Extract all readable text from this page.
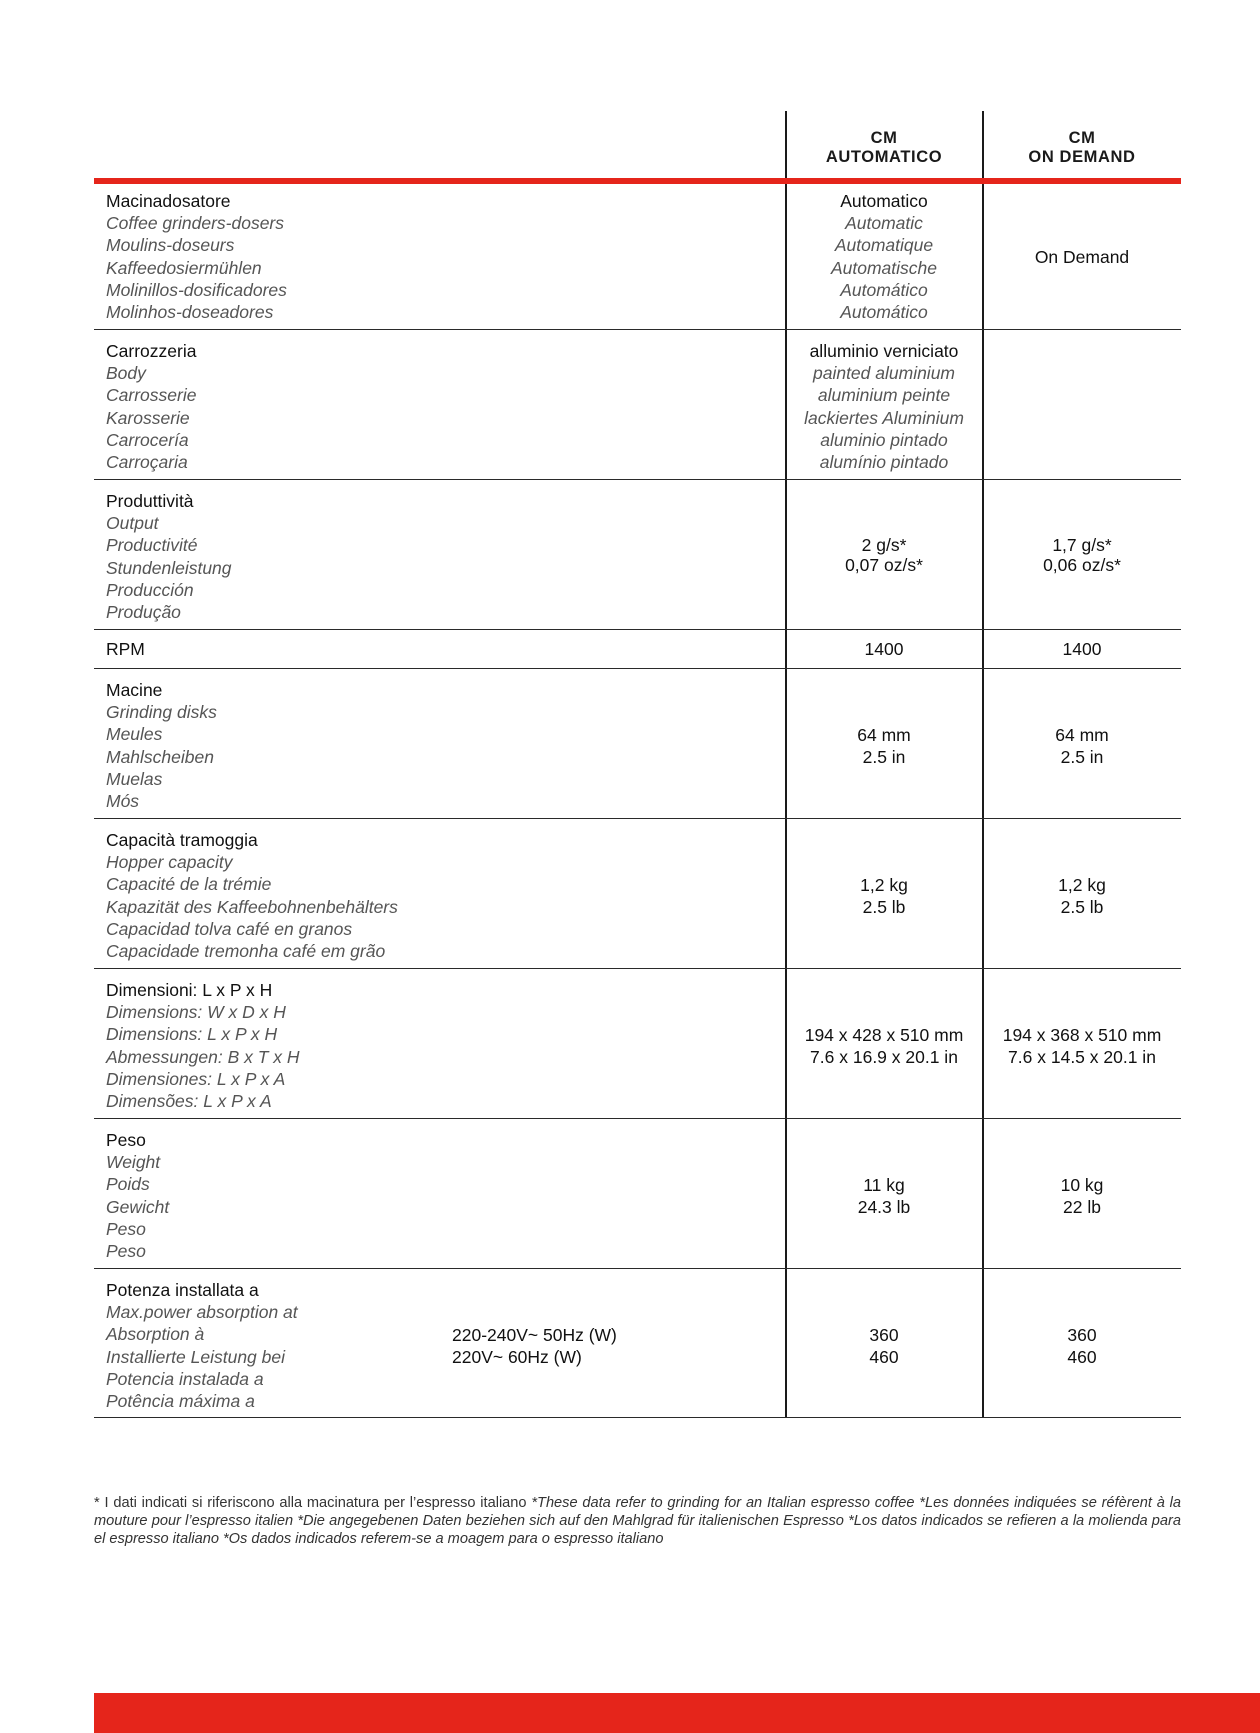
CM
AUTOMATICO
CM
ON DEMAND
Macinadosatore
Coffee grinders-dosers
Moulins-doseurs
Kaffeedosiermühlen
Molinillos-dosificadores
Molinhos-doseadores
Automatico
Automatic
Automatique
Automatische
Automático
Automático
On Demand
Carrozzeria
Body
Carrosserie
Karosserie
Carrocería
Carroçaria
alluminio verniciato
painted aluminium
aluminium peinte
lackiertes Aluminium
aluminio pintado
alumínio pintado
Produttività
Output
Productivité
Stundenleistung
Producción
Produção
2 g/s*
0,07 oz/s*
1,7 g/s*
0,06 oz/s*
RPM	1400	1400
Macine
Grinding disks
Meules
Mahlscheiben
Muelas
Mós
64 mm
2.5 in
64 mm
2.5 in
Capacità tramoggia
Hopper capacity
Capacité de la trémie
Kapazität des Kaffeebohnenbehälters
Capacidad tolva café en granos
Capacidade tremonha café em grão
1,2 kg
2.5 lb
1,2 kg
2.5 lb
Dimensioni: L x P x H
Dimensions: W x D x H
Dimensions: L x P x H
Abmessungen: B x T x H
Dimensiones: L x P x A
Dimensões: L x P x A
194 x 428 x 510 mm
7.6 x 16.9 x 20.1 in
194 x 368 x 510 mm
7.6 x 14.5 x 20.1 in
Peso
Weight
Poids
Gewicht
Peso
Peso
11 kg
24.3 lb
10 kg
22 lb
Potenza installata a
Max.power absorption at
Absorption à
Installierte Leistung bei
Potencia instalada a
Potência máxima a
220-240V~ 50Hz (W)
220V~ 60Hz (W)
360
460
360
460
* I dati indicati si riferiscono alla macinatura per l’espresso italiano *These data refer to grinding for an Italian espresso coffee *Les données indiquées se réfèrent à la mouture pour l’espresso italien *Die angegebenen Daten beziehen sich auf den Mahlgrad für italienischen Espresso *Los datos indicados se refieren a la molienda para el espresso italiano *Os dados indicados referem-se a moagem para o espresso italiano
